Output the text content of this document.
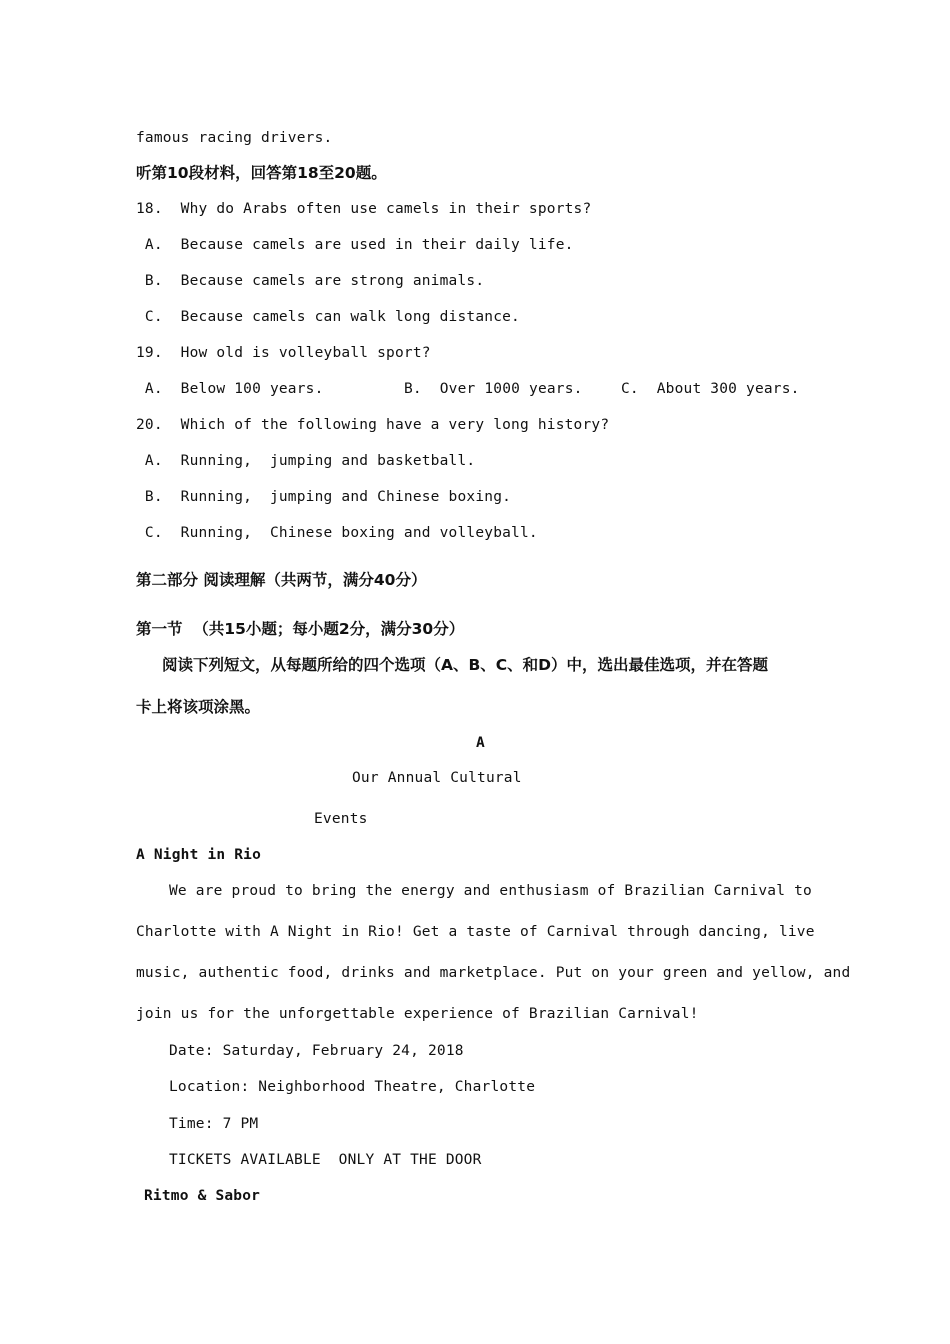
famous racing drivers.

听第10段材料，回答第18至20题。

18.  Why do Arabs often use camels in their sports?

A.  Because camels are used in their daily life.

B.  Because camels are strong animals.

C.  Because camels can walk long distance.

19.  How old is volleyball sport?

A.  Below 100 years.	B.  Over 1000 years.	C.  About 300 years.

20.  Which of the following have a very long history?

A.  Running,  jumping and basketball.

B.  Running,  jumping and Chinese boxing.

C.  Running,  Chinese boxing and volleyball.

第二部分 阅读理解（共两节，满分40分）

第一节  （共15小题；每小题2分，满分30分）

阅读下列短文，从每题所给的四个选项（A、B、C、和D）中，选出最佳选项，并在答题

卡上将该项涂黑。

A

Our Annual Cultural

Events

A Night in Rio

We are proud to bring the energy and enthusiasm of Brazilian Carnival to

Charlotte with A Night in Rio! Get a taste of Carnival through dancing, live

music, authentic food, drinks and marketplace. Put on your green and yellow, and

join us for the unforgettable experience of Brazilian Carnival!

Date: Saturday, February 24, 2018

Location: Neighborhood Theatre, Charlotte

Time: 7 PM

TICKETS AVAILABLE  ONLY AT THE DOOR

Ritmo & Sabor
